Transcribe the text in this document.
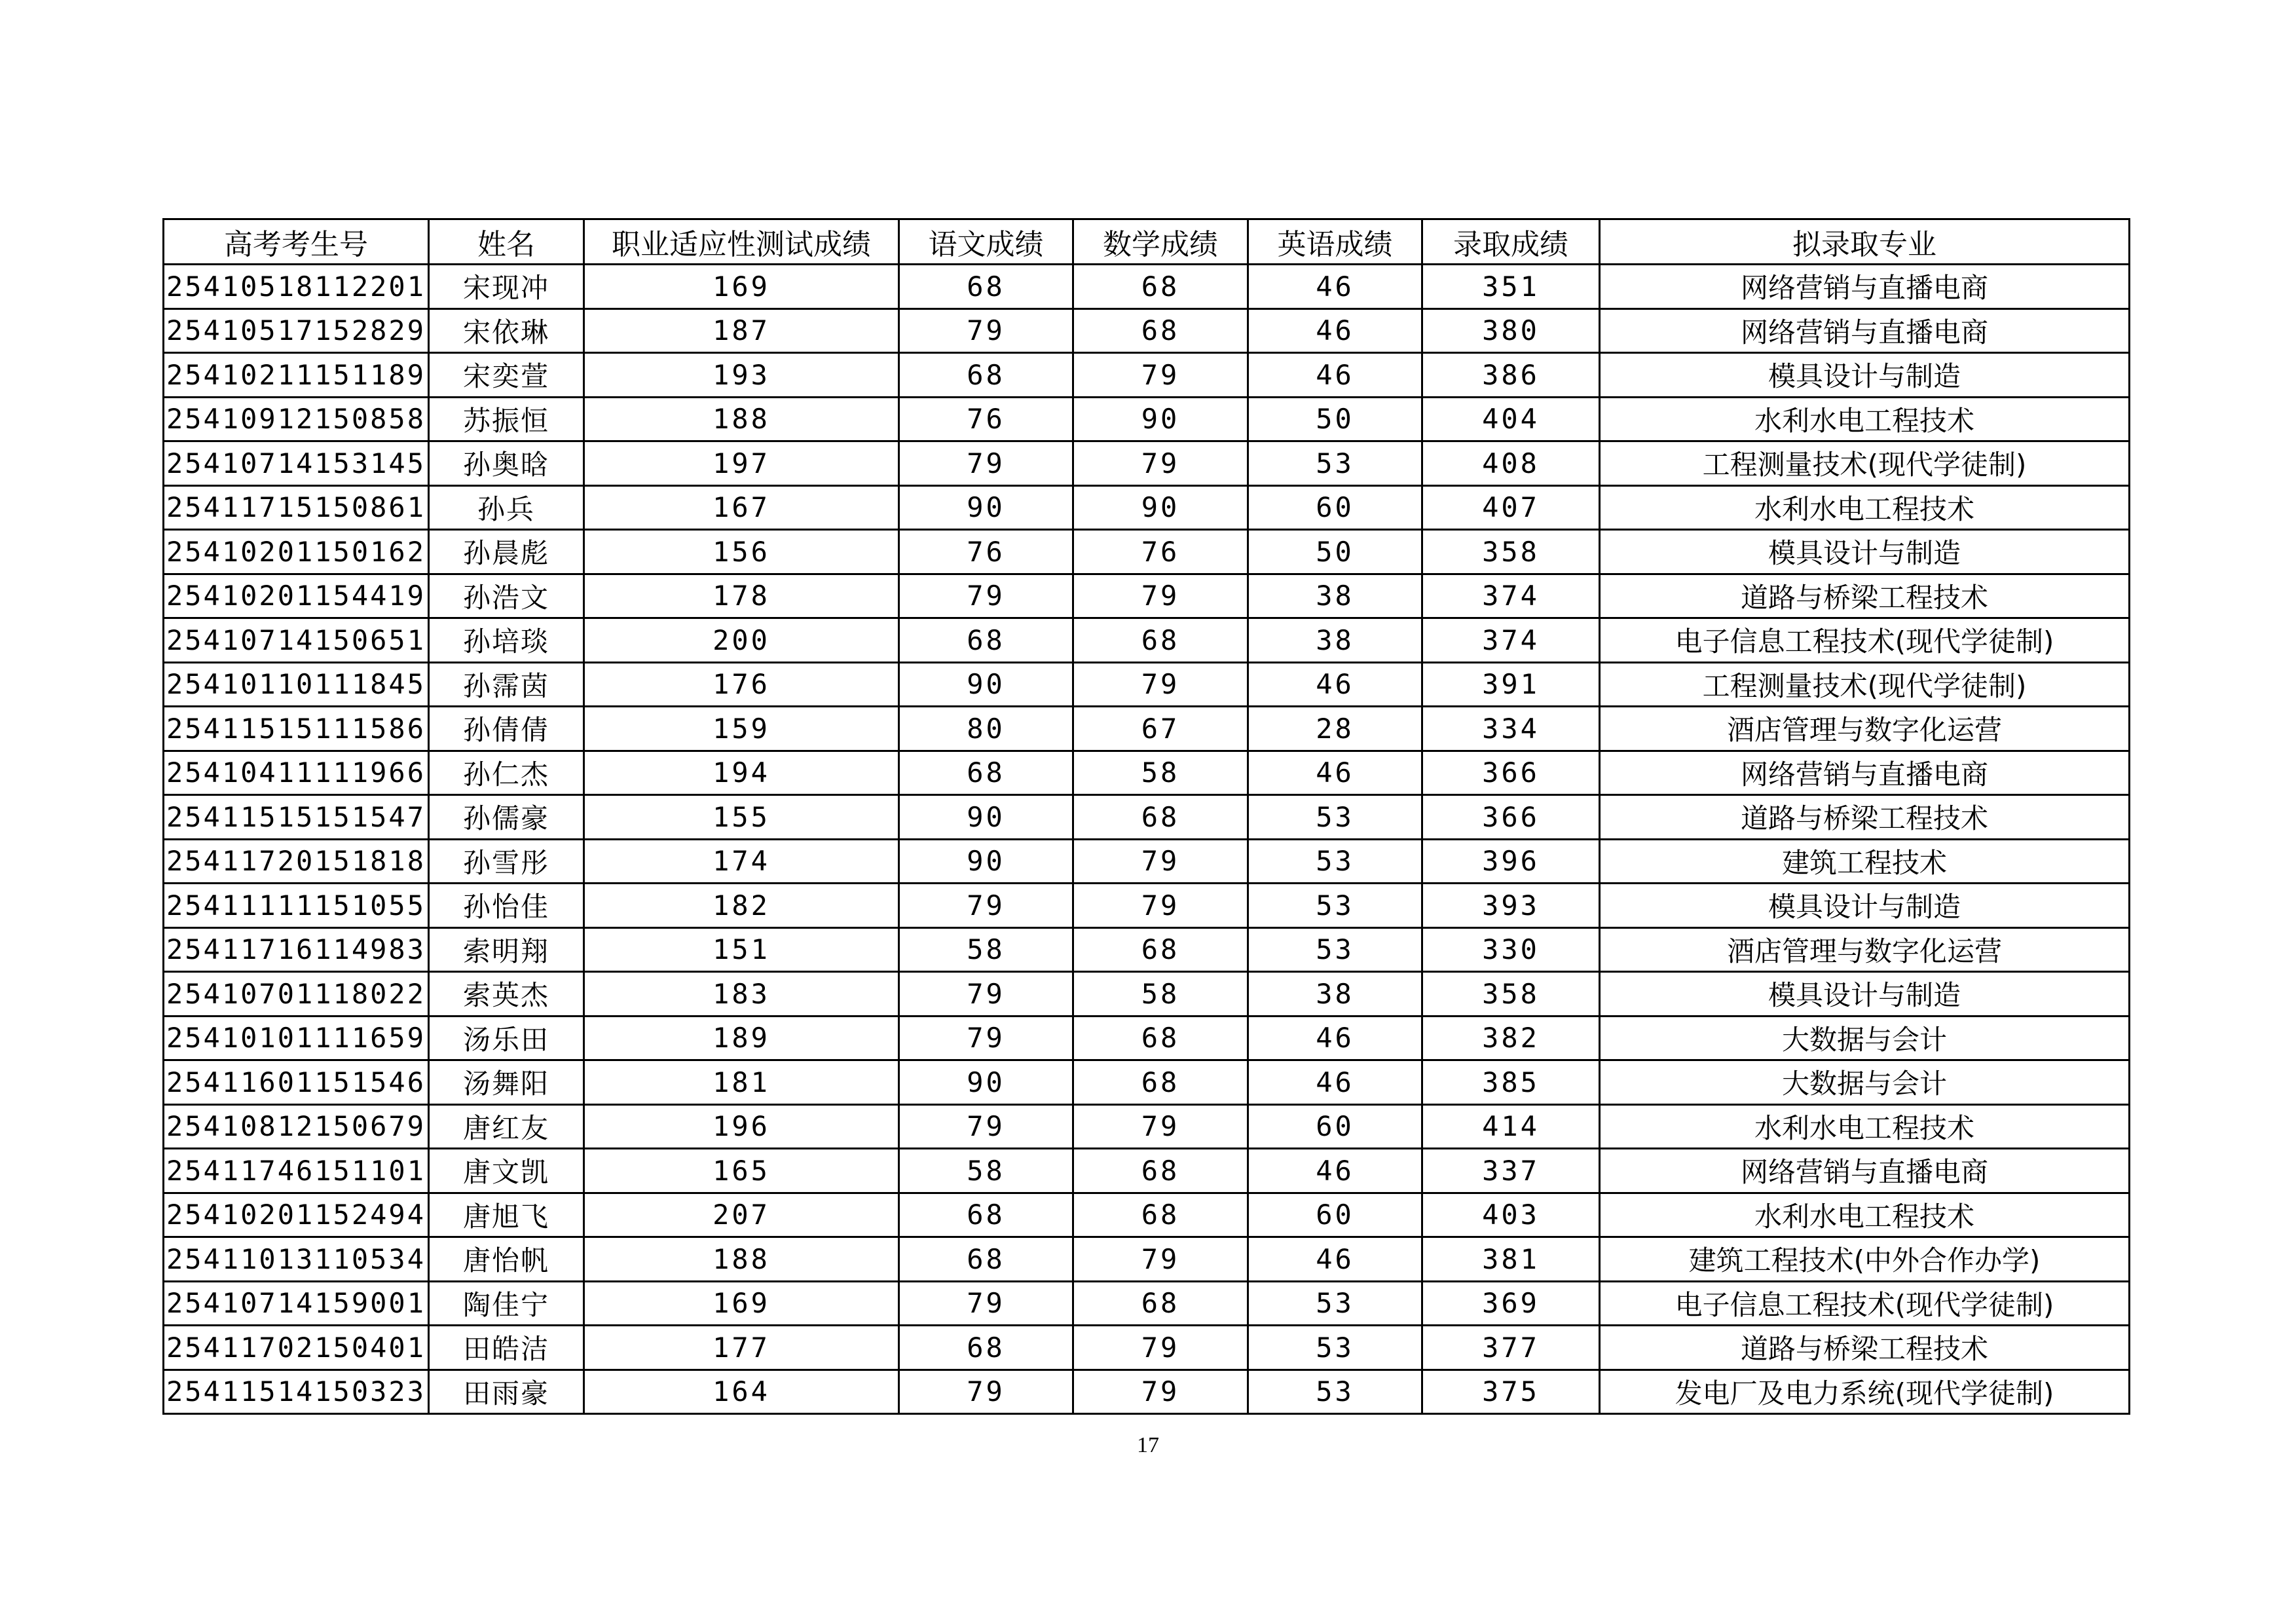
高考考生号	姓名	职业适应性测试成绩	语文成绩	数学成绩	英语成绩	录取成绩	拟录取专业
25410518112201	宋现冲	169	68	68	46	351	网络营销与直播电商
25410517152829	宋依琳	187	79	68	46	380	网络营销与直播电商
25410211151189	宋奕萱	193	68	79	46	386	模具设计与制造
25410912150858	苏振恒	188	76	90	50	404	水利水电工程技术
25410714153145	孙奥晗	197	79	79	53	408	工程测量技术(现代学徒制)
25411715150861	孙兵	167	90	90	60	407	水利水电工程技术
25410201150162	孙晨彪	156	76	76	50	358	模具设计与制造
25410201154419	孙浩文	178	79	79	38	374	道路与桥梁工程技术
25410714150651	孙培琰	200	68	68	38	374	电子信息工程技术(现代学徒制)
25410110111845	孙霈茵	176	90	79	46	391	工程测量技术(现代学徒制)
25411515111586	孙倩倩	159	80	67	28	334	酒店管理与数字化运营
25410411111966	孙仁杰	194	68	58	46	366	网络营销与直播电商
25411515151547	孙儒豪	155	90	68	53	366	道路与桥梁工程技术
25411720151818	孙雪彤	174	90	79	53	396	建筑工程技术
25411111151055	孙怡佳	182	79	79	53	393	模具设计与制造
25411716114983	索明翔	151	58	68	53	330	酒店管理与数字化运营
25410701118022	索英杰	183	79	58	38	358	模具设计与制造
25410101111659	汤乐田	189	79	68	46	382	大数据与会计
25411601151546	汤舞阳	181	90	68	46	385	大数据与会计
25410812150679	唐红友	196	79	79	60	414	水利水电工程技术
25411746151101	唐文凯	165	58	68	46	337	网络营销与直播电商
25410201152494	唐旭飞	207	68	68	60	403	水利水电工程技术
25411013110534	唐怡帆	188	68	79	46	381	建筑工程技术(中外合作办学)
25410714159001	陶佳宁	169	79	68	53	369	电子信息工程技术(现代学徒制)
25411702150401	田皓洁	177	68	79	53	377	道路与桥梁工程技术
25411514150323	田雨豪	164	79	79	53	375	发电厂及电力系统(现代学徒制)
17
